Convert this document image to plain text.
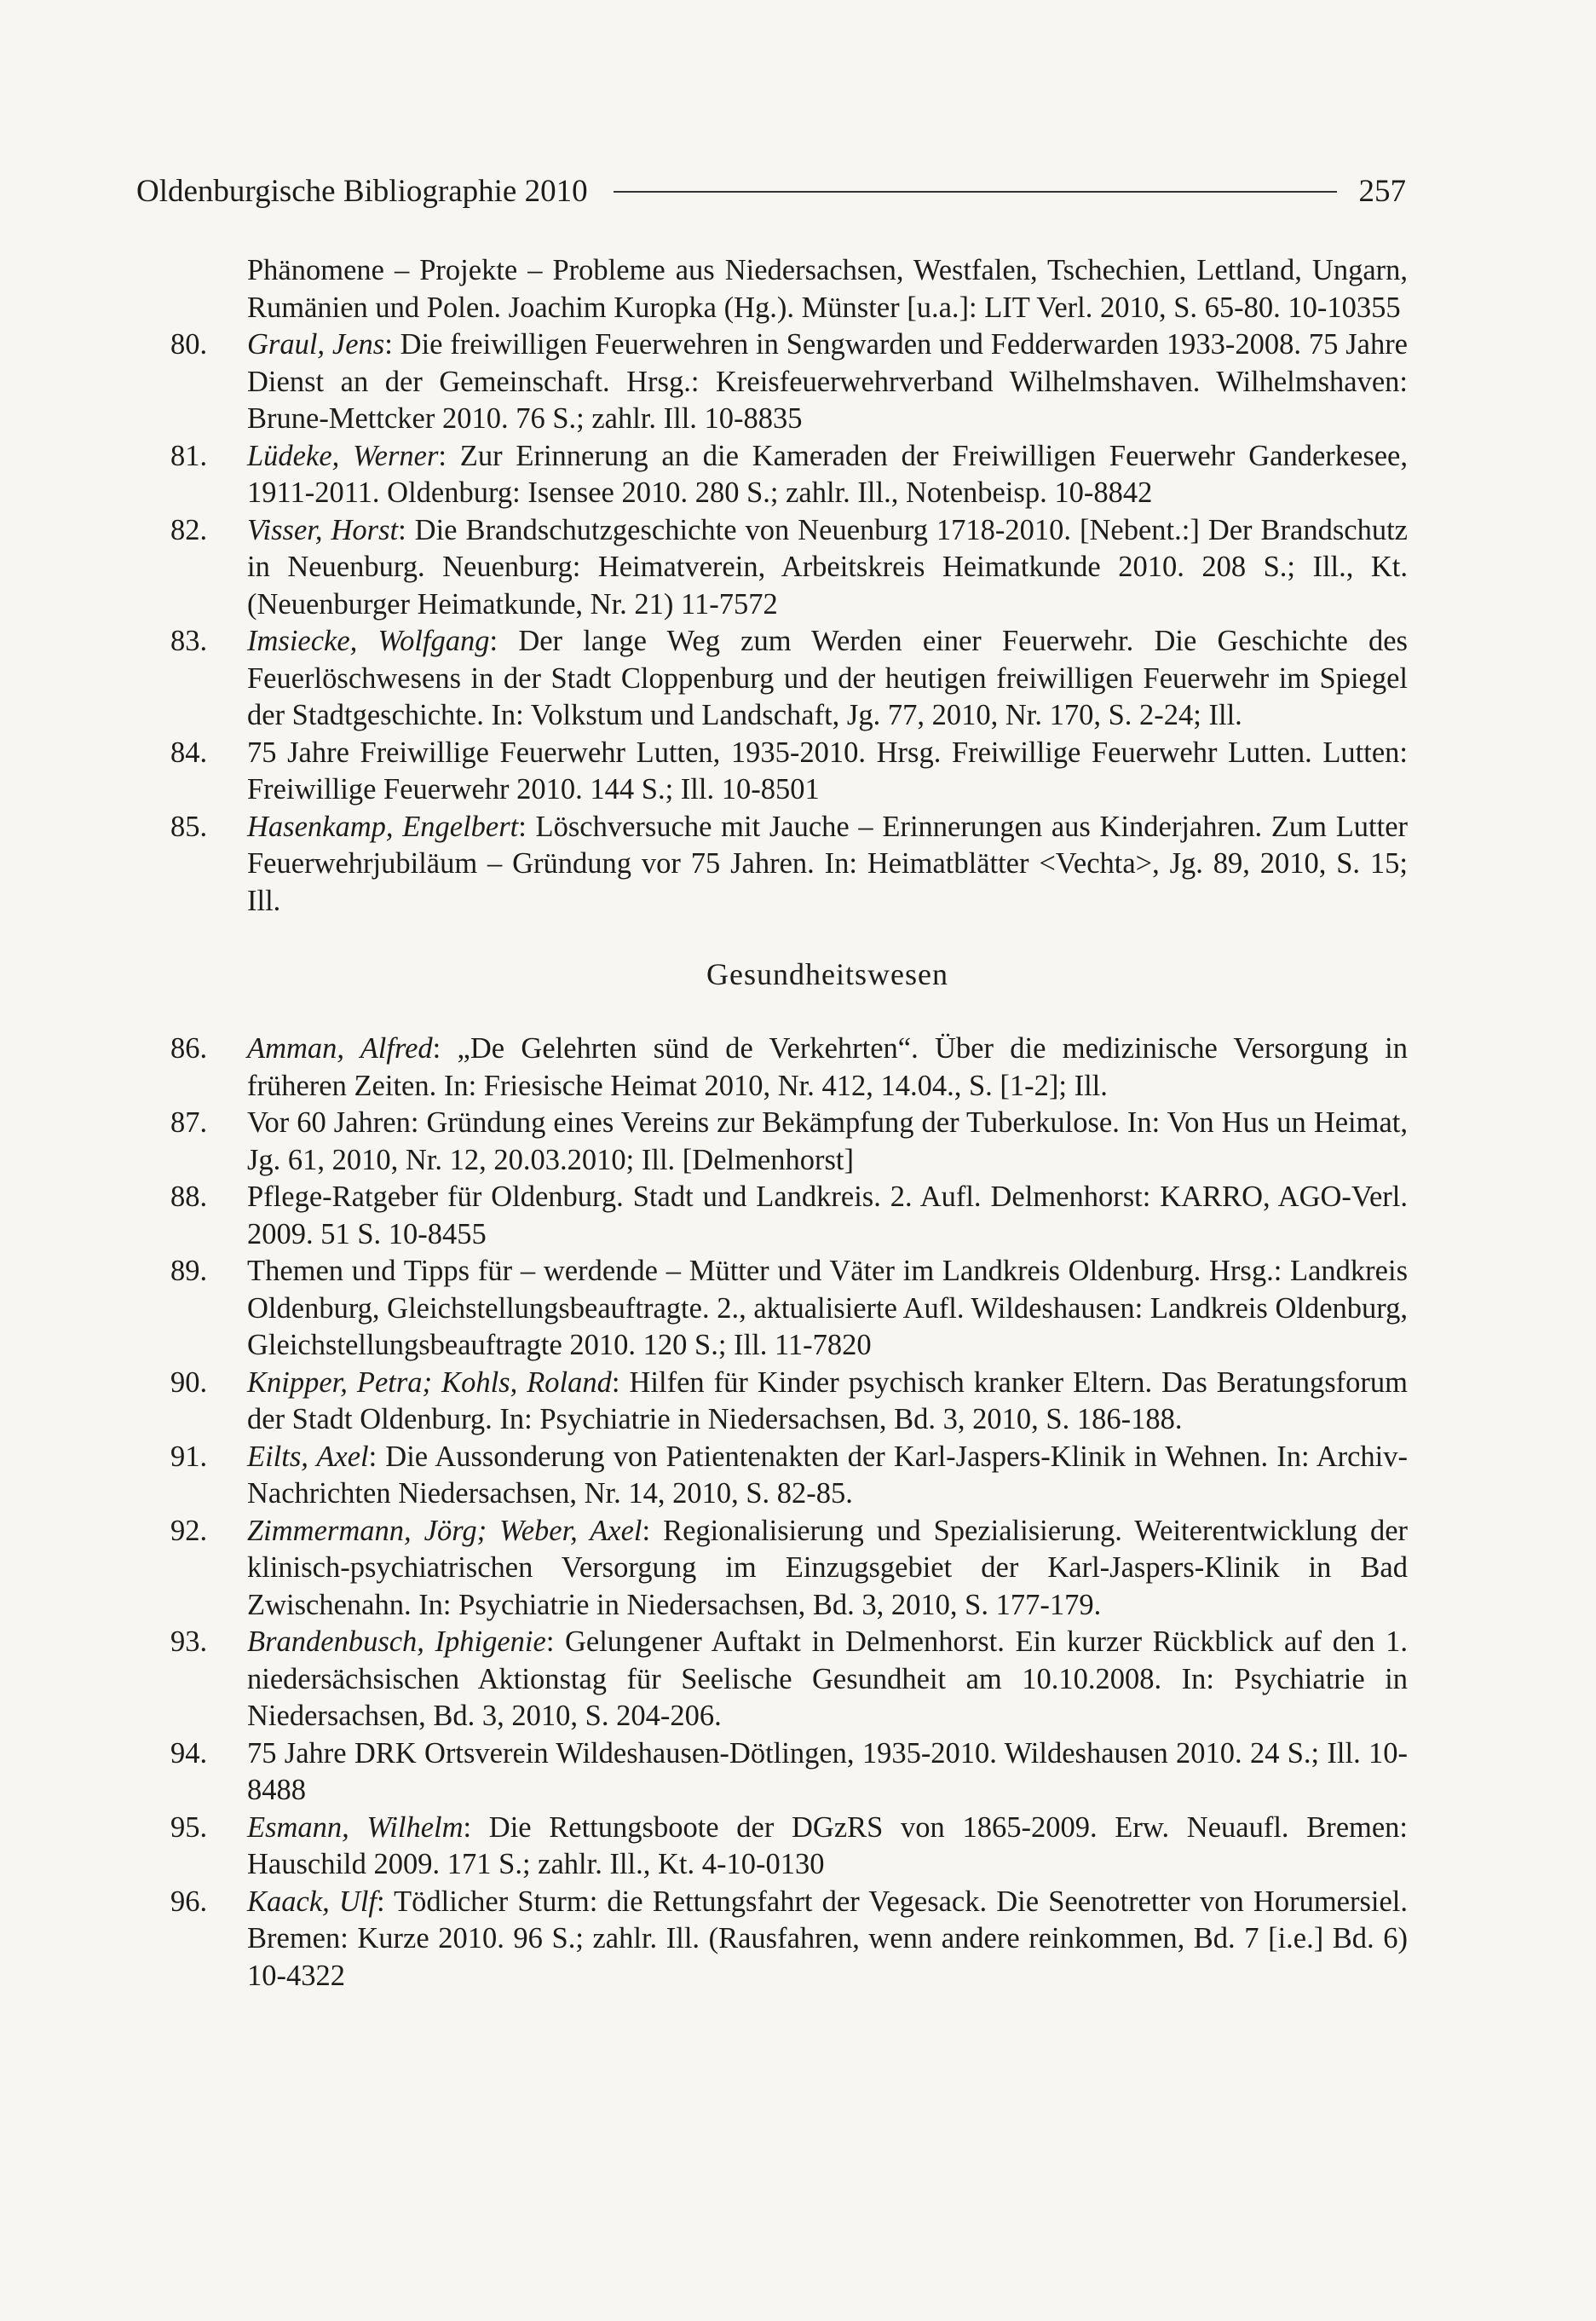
Oldenburgische Bibliographie 2010	257
Phänomene – Projekte – Probleme aus Niedersachsen, Westfalen, Tschechien, Lettland, Ungarn, Rumänien und Polen. Joachim Kuropka (Hg.). Münster [u.a.]: LIT Verl. 2010, S. 65-80. 10-10355
80.	Graul, Jens: Die freiwilligen Feuerwehren in Sengwarden und Fedderwarden 1933-2008. 75 Jahre Dienst an der Gemeinschaft. Hrsg.: Kreisfeuerwehrverband Wilhelmshaven. Wilhelmshaven: Brune-Mettcker 2010. 76 S.; zahlr. Ill. 10-8835
81.	Lüdeke, Werner: Zur Erinnerung an die Kameraden der Freiwilligen Feuerwehr Ganderkesee, 1911-2011. Oldenburg: Isensee 2010. 280 S.; zahlr. Ill., Notenbeisp. 10-8842
82.	Visser, Horst: Die Brandschutzgeschichte von Neuenburg 1718-2010. [Nebent.:] Der Brandschutz in Neuenburg. Neuenburg: Heimatverein, Arbeitskreis Heimatkunde 2010. 208 S.; Ill., Kt. (Neuenburger Heimatkunde, Nr. 21) 11-7572
83.	Imsiecke, Wolfgang: Der lange Weg zum Werden einer Feuerwehr. Die Geschichte des Feuerlöschwesens in der Stadt Cloppenburg und der heutigen freiwilligen Feuerwehr im Spiegel der Stadtgeschichte. In: Volkstum und Landschaft, Jg. 77, 2010, Nr. 170, S. 2-24; Ill.
84.	75 Jahre Freiwillige Feuerwehr Lutten, 1935-2010. Hrsg. Freiwillige Feuerwehr Lutten. Lutten: Freiwillige Feuerwehr 2010. 144 S.; Ill. 10-8501
85.	Hasenkamp, Engelbert: Löschversuche mit Jauche – Erinnerungen aus Kinderjahren. Zum Lutter Feuerwehrjubiläum – Gründung vor 75 Jahren. In: Heimatblätter <Vechta>, Jg. 89, 2010, S. 15; Ill.
Gesundheitswesen
86.	Amman, Alfred: „De Gelehrten sünd de Verkehrten“. Über die medizinische Versorgung in früheren Zeiten. In: Friesische Heimat 2010, Nr. 412, 14.04., S. [1-2]; Ill.
87.	Vor 60 Jahren: Gründung eines Vereins zur Bekämpfung der Tuberkulose. In: Von Hus un Heimat, Jg. 61, 2010, Nr. 12, 20.03.2010; Ill. [Delmenhorst]
88.	Pflege-Ratgeber für Oldenburg. Stadt und Landkreis. 2. Aufl. Delmenhorst: KARRO, AGO-Verl. 2009. 51 S. 10-8455
89.	Themen und Tipps für – werdende – Mütter und Väter im Landkreis Oldenburg. Hrsg.: Landkreis Oldenburg, Gleichstellungsbeauftragte. 2., aktualisierte Aufl. Wildeshausen: Landkreis Oldenburg, Gleichstellungsbeauftragte 2010. 120 S.; Ill. 11-7820
90.	Knipper, Petra; Kohls, Roland: Hilfen für Kinder psychisch kranker Eltern. Das Beratungsforum der Stadt Oldenburg. In: Psychiatrie in Niedersachsen, Bd. 3, 2010, S. 186-188.
91.	Eilts, Axel: Die Aussonderung von Patientenakten der Karl-Jaspers-Klinik in Wehnen. In: Archiv-Nachrichten Niedersachsen, Nr. 14, 2010, S. 82-85.
92.	Zimmermann, Jörg; Weber, Axel: Regionalisierung und Spezialisierung. Weiterentwicklung der klinisch-psychiatrischen Versorgung im Einzugsgebiet der Karl-Jaspers-Klinik in Bad Zwischenahn. In: Psychiatrie in Niedersachsen, Bd. 3, 2010, S. 177-179.
93.	Brandenbusch, Iphigenie: Gelungener Auftakt in Delmenhorst. Ein kurzer Rückblick auf den 1. niedersächsischen Aktionstag für Seelische Gesundheit am 10.10.2008. In: Psychiatrie in Niedersachsen, Bd. 3, 2010, S. 204-206.
94.	75 Jahre DRK Ortsverein Wildeshausen-Dötlingen, 1935-2010. Wildeshausen 2010. 24 S.; Ill. 10-8488
95.	Esmann, Wilhelm: Die Rettungsboote der DGzRS von 1865-2009. Erw. Neuaufl. Bremen: Hauschild 2009. 171 S.; zahlr. Ill., Kt. 4-10-0130
96.	Kaack, Ulf: Tödlicher Sturm: die Rettungsfahrt der Vegesack. Die Seenotretter von Horumersiel. Bremen: Kurze 2010. 96 S.; zahlr. Ill. (Rausfahren, wenn andere reinkommen, Bd. 7 [i.e.] Bd. 6) 10-4322
